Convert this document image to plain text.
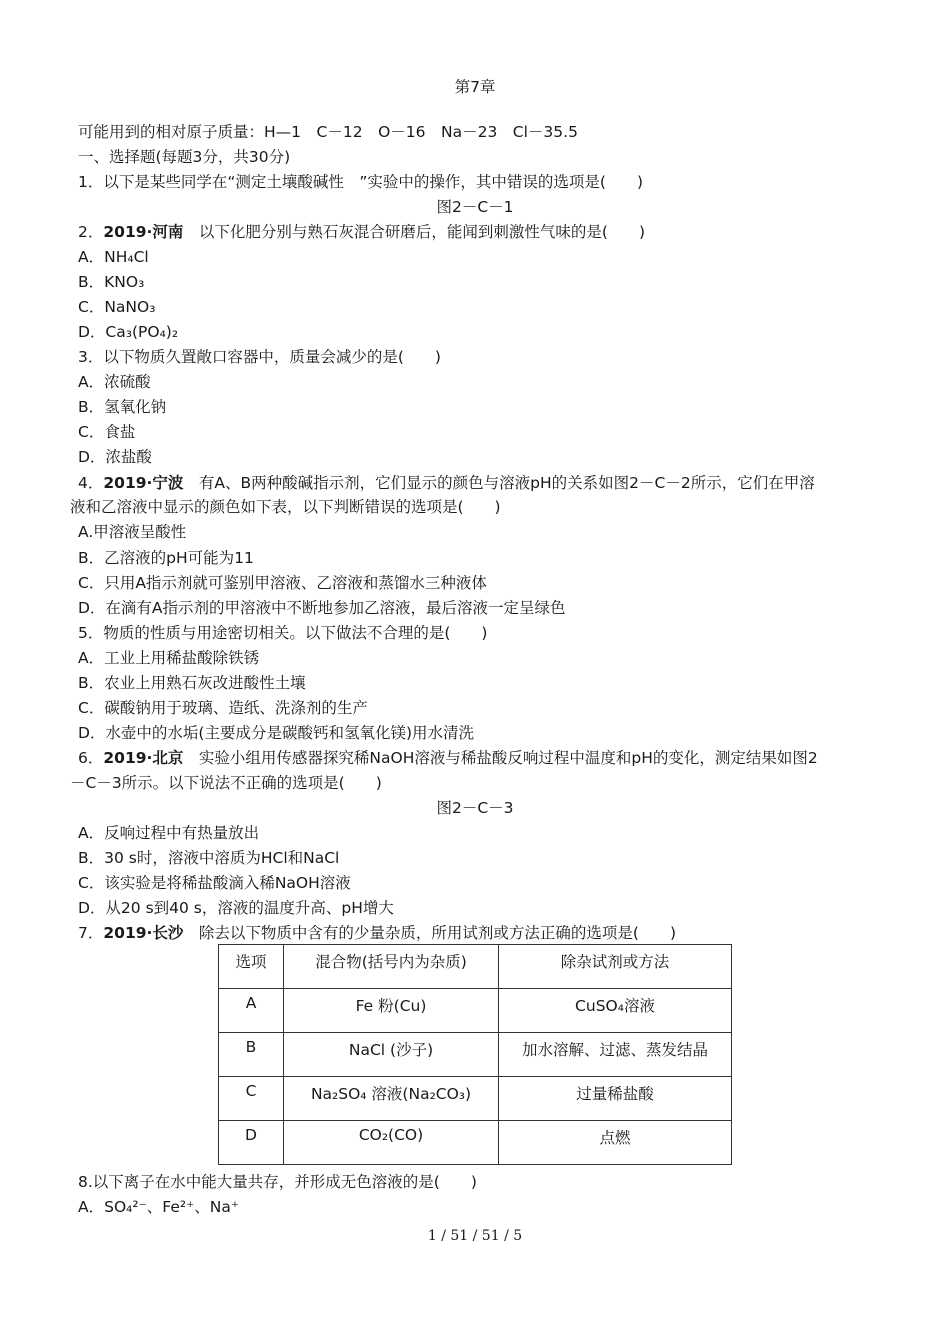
第7章
可能用到的相对原子质量：H—1　C－12　O－16　Na－23　Cl－35.5
一、选择题(每题3分，共30分)
1．以下是某些同学在“测定土壤酸碱性　”实验中的操作，其中错误的选项是(　　)
图2－C－1
2．2019·河南　 以下化肥分别与熟石灰混合研磨后，能闻到刺激性气味的是(　　)
A．NH₄Cl
B．KNO₃
C．NaNO₃
D．Ca₃(PO₄)₂
3．以下物质久置敞口容器中，质量会减少的是(　　)
A．浓硫酸
B．氢氧化钠
C．食盐
D．浓盐酸
4．2019·宁波　 有A、B两种酸碱指示剂，它们显示的颜色与溶液pH的关系如图2－C－2所示，它们在甲溶
液和乙溶液中显示的颜色如下表，以下判断错误的选项是(　　)
A.甲溶液呈酸性
B．乙溶液的pH可能为11
C．只用A指示剂就可鉴别甲溶液、乙溶液和蒸馏水三种液体
D．在滴有A指示剂的甲溶液中不断地参加乙溶液，最后溶液一定呈绿色
5．物质的性质与用途密切相关。以下做法不合理的是(　　)
A．工业上用稀盐酸除铁锈
B．农业上用熟石灰改进酸性土壤
C．碳酸钠用于玻璃、造纸、洗涤剂的生产
D．水壶中的水垢(主要成分是碳酸钙和氢氧化镁)用水清洗
6．2019·北京　 实验小组用传感器探究稀NaOH溶液与稀盐酸反响过程中温度和pH的变化，测定结果如图2
－C－3所示。以下说法不正确的选项是(　　)
图2－C－3
A．反响过程中有热量放出
B．30 s时，溶液中溶质为HCl和NaCl
C．该实验是将稀盐酸滴入稀NaOH溶液
D．从20 s到40 s，溶液的温度升高、pH增大
7．2019·长沙　 除去以下物质中含有的少量杂质，所用试剂或方法正确的选项是(　　)
选项	混合物(括号内为杂质)	除杂试剂或方法
A	Fe 粉(Cu)	CuSO₄溶液
B	NaCl (沙子)	加水溶解、过滤、蒸发结晶
C	Na₂SO₄ 溶液(Na₂CO₃)	过量稀盐酸
D	CO₂(CO)	点燃
8.以下离子在水中能大量共存，并形成无色溶液的是(　　)
A．SO₄²⁻、Fe²⁺、Na⁺
1 / 51 / 51 / 5
